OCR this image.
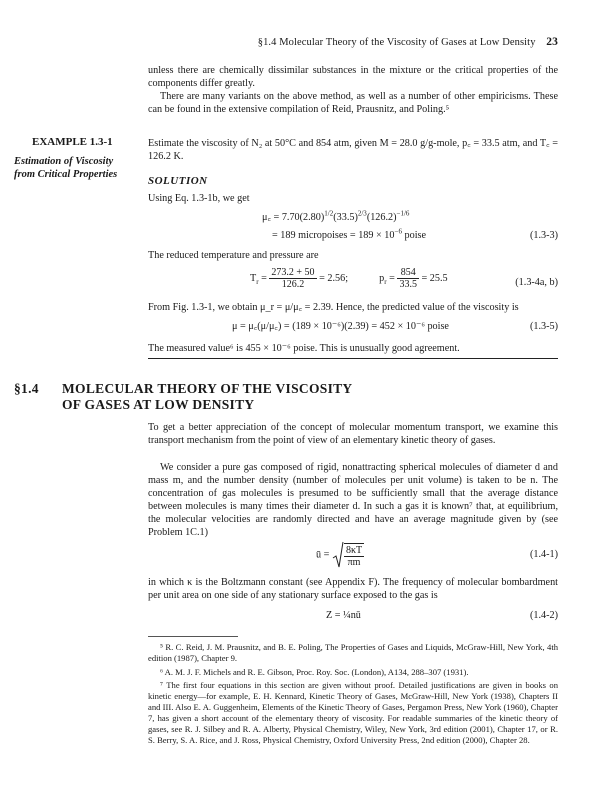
§1.4 Molecular Theory of the Viscosity of Gases at Low Density 23
unless there are chemically dissimilar substances in the mixture or the critical properties of the components differ greatly.
There are many variants on the above method, as well as a number of other empiricisms. These can be found in the extensive compilation of Reid, Prausnitz, and Poling.⁵
EXAMPLE 1.3-1
Estimation of Viscosity
from Critical Properties
Estimate the viscosity of N₂ at 50°C and 854 atm, given M = 28.0 g/g-mole, p꜀ = 33.5 atm, and T꜀ = 126.2 K.
SOLUTION
Using Eq. 1.3-1b, we get
μ꜀ = $7.70(2.80)^{1/2}(33.5)^{2/3}(126.2)^{-1/6}$
= 189 micropoises = $189 \times 10^{-6}$ poise	(1.3-3)
The reduced temperature and pressure are
$T_r = \frac{273.2 + 50}{126.2} = 2.56$;	$p_r = \frac{854}{33.5} = 25.5$	(1.3-4a, b)
From Fig. 1.3-1, we obtain μ_r = μ/μ꜀ = 2.39. Hence, the predicted value of the viscosity is
μ = μ꜀(μ/μ꜀) = (189 × 10⁻⁶)(2.39) = 452 × 10⁻⁶ poise	(1.3-5)
The measured value⁶ is 455 × 10⁻⁶ poise. This is unusually good agreement.
§1.4 MOLECULAR THEORY OF THE VISCOSITY
OF GASES AT LOW DENSITY
To get a better appreciation of the concept of molecular momentum transport, we examine this transport mechanism from the point of view of an elementary kinetic theory of gases.
We consider a pure gas composed of rigid, nonattracting spherical molecules of diameter d and mass m, and the number density (number of molecules per unit volume) is taken to be n. The concentration of gas molecules is presumed to be sufficiently small that the average distance between molecules is many times their diameter d. In such a gas it is known⁷ that, at equilibrium, the molecular velocities are randomly directed and have an average magnitude given by (see Problem 1C.1)
ū = $\frac{8\kappa T}{\pi m}$	(1.4-1)
in which κ is the Boltzmann constant (see Appendix F). The frequency of molecular bombardment per unit area on one side of any stationary surface exposed to the gas is
Z = ¼nū	(1.4-2)
⁵ R. C. Reid, J. M. Prausnitz, and B. E. Poling, The Properties of Gases and Liquids, McGraw-Hill, New York, 4th edition (1987), Chapter 9.
⁶ A. M. J. F. Michels and R. E. Gibson, Proc. Roy. Soc. (London), A134, 288–307 (1931).
⁷ The first four equations in this section are given without proof. Detailed justifications are given in books on kinetic energy—for example, E. H. Kennard, Kinetic Theory of Gases, McGraw-Hill, New York (1938), Chapters II and III. Also E. A. Guggenheim, Elements of the Kinetic Theory of Gases, Pergamon Press, New York (1960), Chapter 7, has given a short account of the elementary theory of viscosity. For readable summaries of the kinetic theory of gases, see R. J. Silbey and R. A. Alberty, Physical Chemistry, Wiley, New York, 3rd edition (2001), Chapter 17, or R. S. Berry, S. A. Rice, and J. Ross, Physical Chemistry, Oxford University Press, 2nd edition (2000), Chapter 28.
